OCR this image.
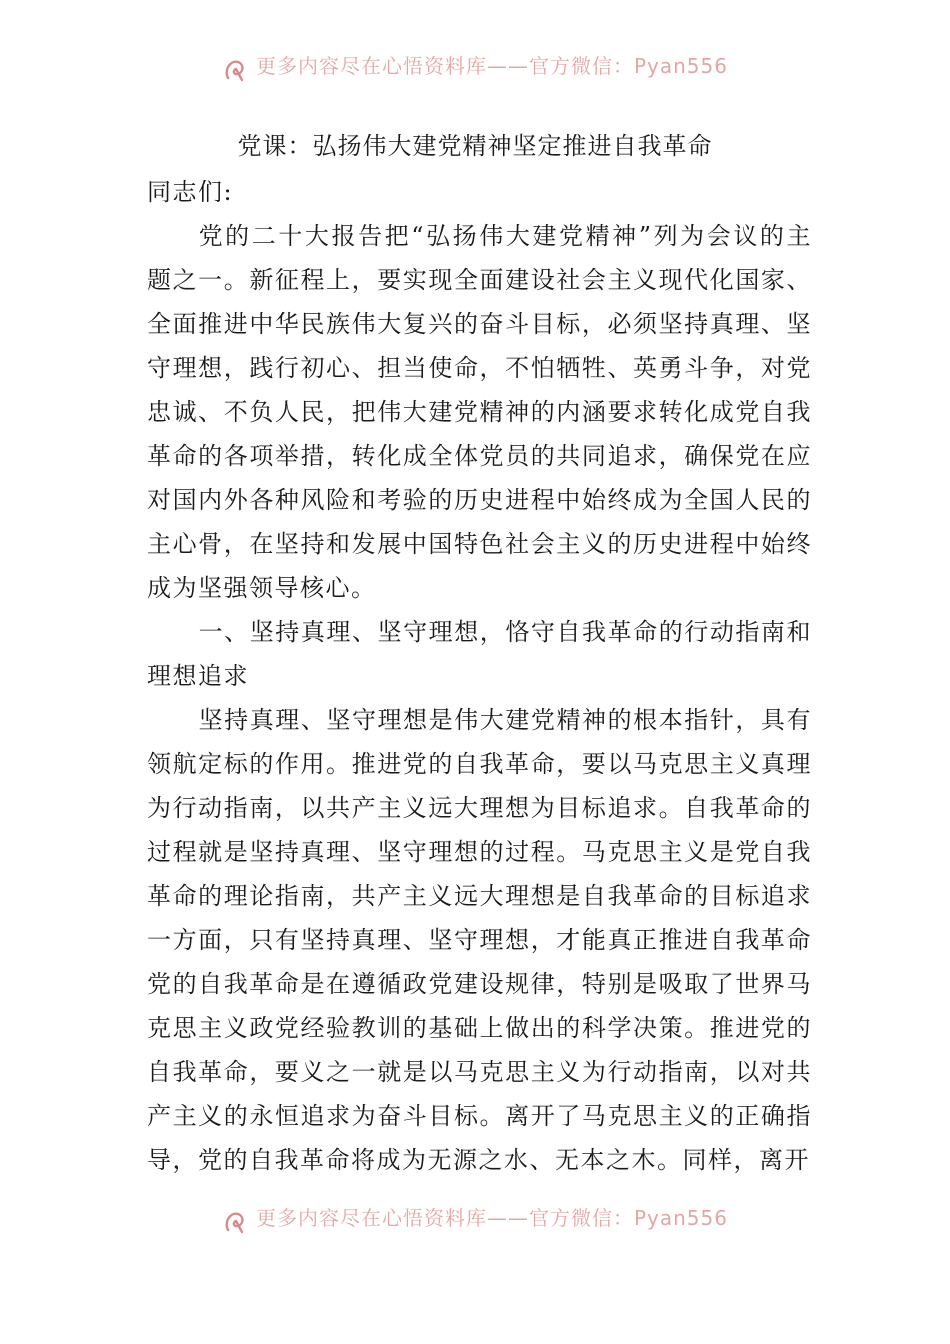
更多内容尽在心悟资料库——官方微信：Pyan556
党课：弘扬伟大建党精神坚定推进自我革命

同志们:

党的二十大报告把“弘扬伟大建党精神”列为会议的主题之一。新征程上，要实现全面建设社会主义现代化国家、全面推进中华民族伟大复兴的奋斗目标，必须坚持真理、坚守理想，践行初心、担当使命，不怕牺牲、英勇斗争，对党忠诚、不负人民，把伟大建党精神的内涵要求转化成党自我革命的各项举措，转化成全体党员的共同追求，确保党在应对国内外各种风险和考验的历史进程中始终成为全国人民的主心骨，在坚持和发展中国特色社会主义的历史进程中始终成为坚强领导核心。

一、坚持真理、坚守理想，恪守自我革命的行动指南和理想追求

坚持真理、坚守理想是伟大建党精神的根本指针，具有领航定标的作用。推进党的自我革命，要以马克思主义真理为行动指南，以共产主义远大理想为目标追求。自我革命的过程就是坚持真理、坚守理想的过程。马克思主义是党自我革命的理论指南，共产主义远大理想是自我革命的目标追求一方面，只有坚持真理、坚守理想，才能真正推进自我革命党的自我革命是在遵循政党建设规律，特别是吸取了世界马克思主义政党经验教训的基础上做出的科学决策。推进党的自我革命，要义之一就是以马克思主义为行动指南，以对共产主义的永恒追求为奋斗目标。离开了马克思主义的正确指导，党的自我革命将成为无源之水、无本之木。同样，离开

更多内容尽在心悟资料库——官方微信：Pyan556
